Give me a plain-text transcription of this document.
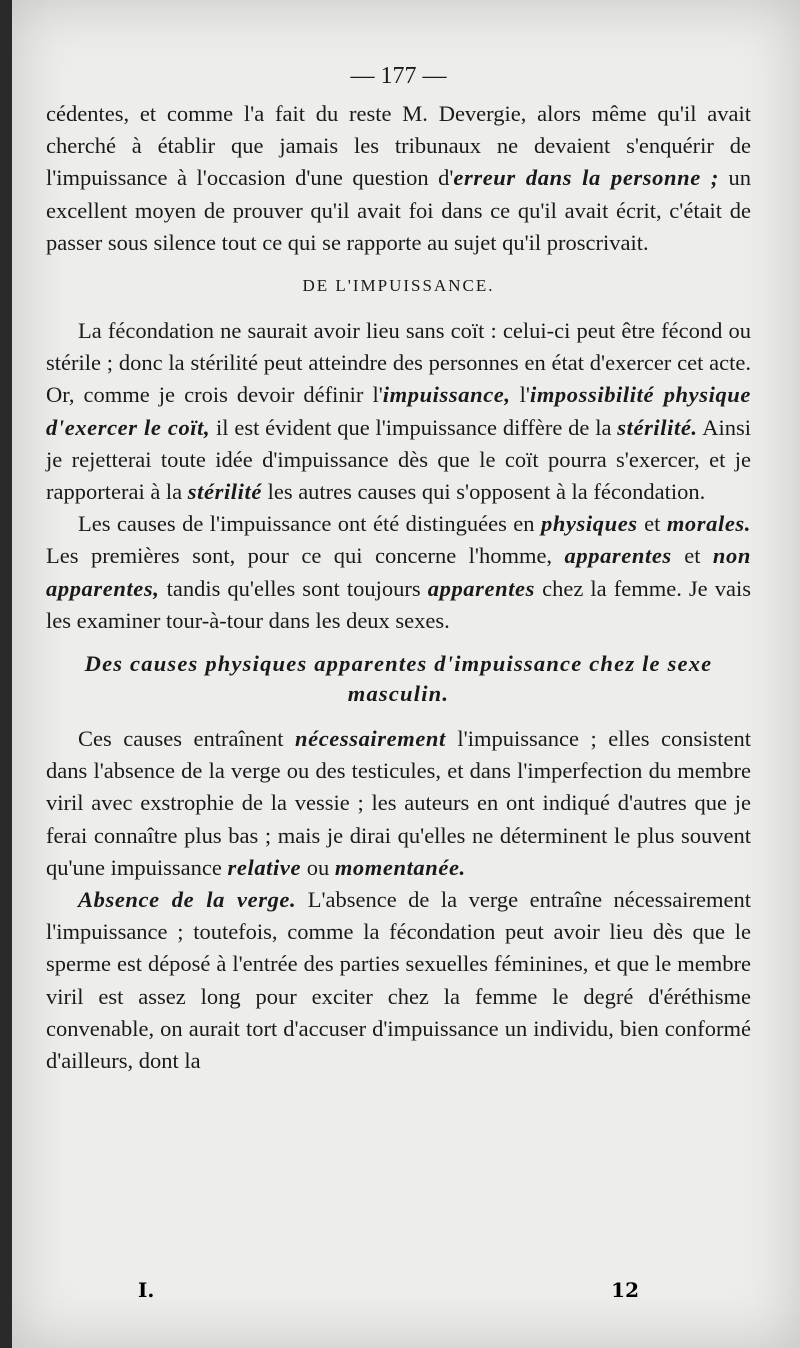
— 177 —

cédentes, et comme l'a fait du reste M. Devergie, alors même qu'il avait cherché à établir que jamais les tribunaux ne devaient s'enquérir de l'impuissance à l'occasion d'une question d'erreur dans la personne ; un excellent moyen de prouver qu'il avait foi dans ce qu'il avait écrit, c'était de passer sous silence tout ce qui se rapporte au sujet qu'il proscrivait.

DE L'IMPUISSANCE.

La fécondation ne saurait avoir lieu sans coït : celui-ci peut être fécond ou stérile ; donc la stérilité peut atteindre des personnes en état d'exercer cet acte. Or, comme je crois devoir définir l'impuissance, l'impossibilité physique d'exercer le coït, il est évident que l'impuissance diffère de la stérilité. Ainsi je rejetterai toute idée d'impuissance dès que le coït pourra s'exercer, et je rapporterai à la stérilité les autres causes qui s'opposent à la fécondation.

Les causes de l'impuissance ont été distinguées en physiques et morales. Les premières sont, pour ce qui concerne l'homme, apparentes et non apparentes, tandis qu'elles sont toujours apparentes chez la femme. Je vais les examiner tour-à-tour dans les deux sexes.

Des causes physiques apparentes d'impuissance chez le sexe masculin.

Ces causes entraînent nécessairement l'impuissance ; elles consistent dans l'absence de la verge ou des testicules, et dans l'imperfection du membre viril avec exstrophie de la vessie ; les auteurs en ont indiqué d'autres que je ferai connaître plus bas ; mais je dirai qu'elles ne déterminent le plus souvent qu'une impuissance relative ou momentanée.

Absence de la verge. L'absence de la verge entraîne nécessairement l'impuissance ; toutefois, comme la fécondation peut avoir lieu dès que le sperme est déposé à l'entrée des parties sexuelles féminines, et que le membre viril est assez long pour exciter chez la femme le degré d'éréthisme convenable, on aurait tort d'accuser d'impuissance un individu, bien conformé d'ailleurs, dont la

I.	12
